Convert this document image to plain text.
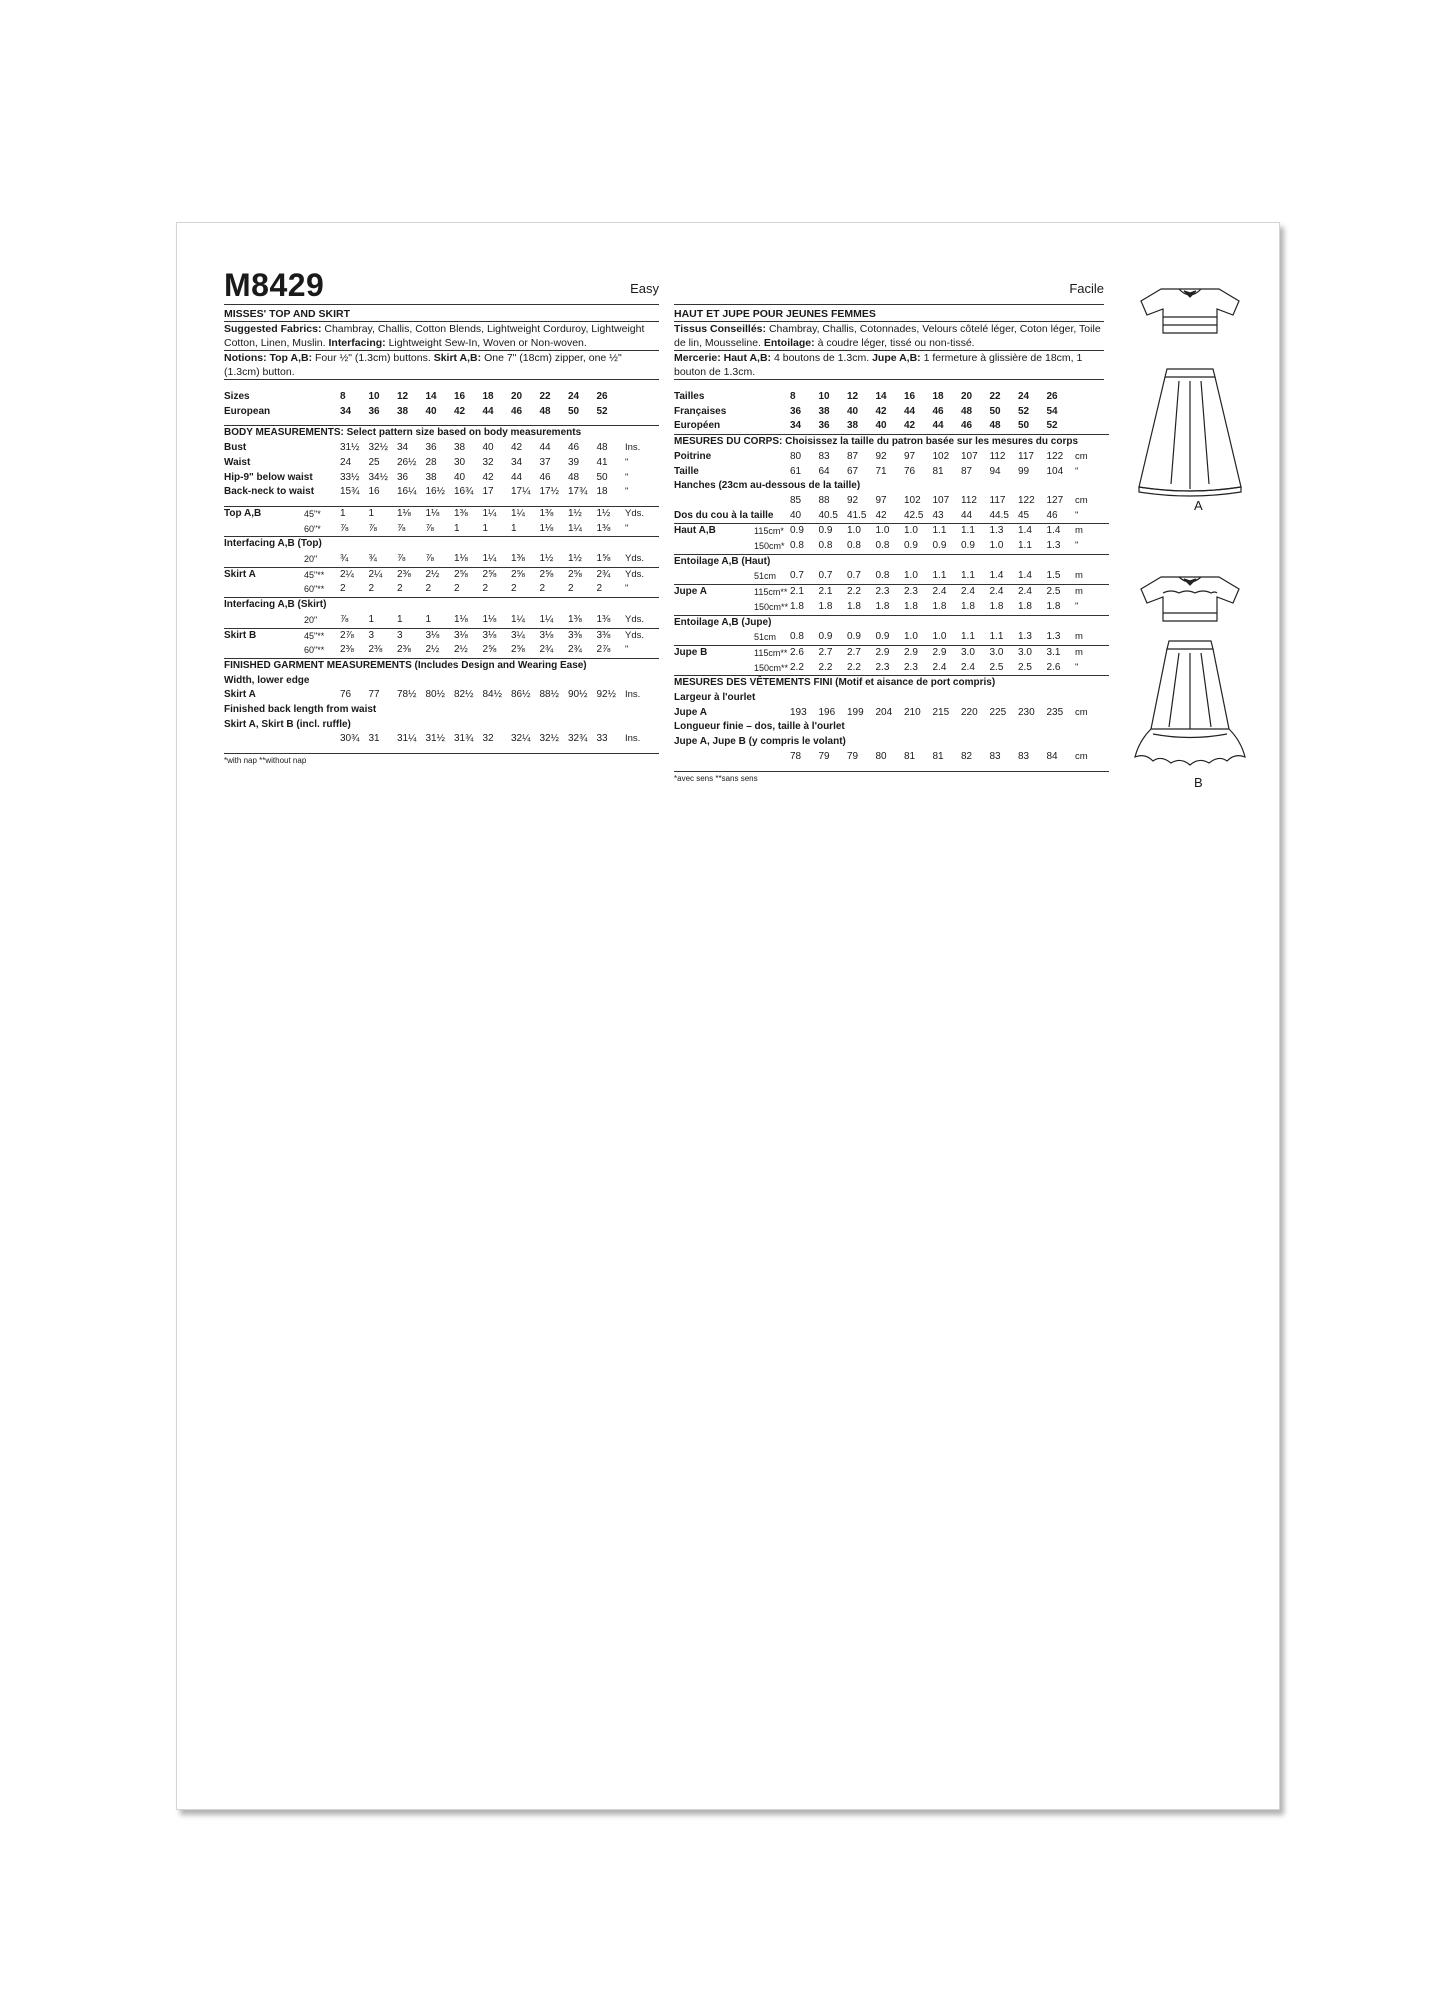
M8429	Easy
MISSES' TOP AND SKIRT
Suggested Fabrics: Chambray, Challis, Cotton Blends, Lightweight Corduroy, Lightweight Cotton, Linen, Muslin. Interfacing: Lightweight Sew-In, Woven or Non-woven.
Notions: Top A,B: Four ½" (1.3cm) buttons. Skirt A,B: One 7" (18cm) zipper, one ½" (1.3cm) button.
Sizes		8	10	12	14	16	18	20	22	24	26	
European		34	36	38	40	42	44	46	48	50	52	

BODY MEASUREMENTS: Select pattern size based on body measurements												
Bust		31½	32½	34	36	38	40	42	44	46	48	Ins.
Waist		24	25	26½	28	30	32	34	37	39	41	"
Hip-9" below waist		33½	34½	36	38	40	42	44	46	48	50	"
Back-neck to waist		15¾	16	16¼	16½	16¾	17	17¼	17½	17¾	18	"

Top A,B	45"*	1	1	1⅛	1⅛	1⅜	1¼	1¼	1⅜	1½	1½	Yds.
	60"*	⅞	⅞	⅞	⅞	1	1	1	1⅛	1¼	1⅜	"
Interfacing A,B (Top)												
	20"	¾	¾	⅞	⅞	1⅛	1¼	1⅜	1½	1½	1⅝	Yds.
Skirt A	45"**	2¼	2¼	2⅜	2½	2⅝	2⅝	2⅝	2⅝	2⅝	2¾	Yds.
	60"**	2	2	2	2	2	2	2	2	2	2	"
Interfacing A,B (Skirt)												
	20"	⅞	1	1	1	1⅛	1⅛	1¼	1¼	1⅜	1⅜	Yds.
Skirt B	45"**	2⅞	3	3	3⅛	3⅛	3⅛	3¼	3⅛	3⅜	3⅜	Yds.
	60"**	2⅜	2⅜	2⅜	2½	2½	2⅝	2⅝	2¾	2¾	2⅞	"
FINISHED GARMENT MEASUREMENTS (Includes Design and Wearing Ease)												
Width, lower edge												
Skirt A		76	77	78½	80½	82½	84½	86½	88½	90½	92½	Ins.
Finished back length from waist												
Skirt A, Skirt B (incl. ruffle)												
		30¾	31	31¼	31½	31¾	32	32¼	32½	32¾	33	Ins.

*with nap **without nap												
Facile
HAUT ET JUPE POUR JEUNES FEMMES
Tissus Conseillés: Chambray, Challis, Cotonnades, Velours côtelé léger, Coton léger, Toile de lin, Mousseline. Entoilage: à coudre léger, tissé ou non-tissé.
Mercerie: Haut A,B: 4 boutons de 1.3cm. Jupe A,B: 1 fermeture à glissière de 18cm, 1 bouton de 1.3cm.
Tailles		8	10	12	14	16	18	20	22	24	26	
Françaises		36	38	40	42	44	46	48	50	52	54	
Européen		34	36	38	40	42	44	46	48	50	52	
MESURES DU CORPS: Choisissez la taille du patron basée sur les mesures du corps												
Poitrine		80	83	87	92	97	102	107	112	117	122	cm
Taille		61	64	67	71	76	81	87	94	99	104	"
Hanches (23cm au-dessous de la taille)												
		85	88	92	97	102	107	112	117	122	127	cm
Dos du cou à la taille		40	40.5	41.5	42	42.5	43	44	44.5	45	46	"
Haut A,B	115cm*	0.9	0.9	1.0	1.0	1.0	1.1	1.1	1.3	1.4	1.4	m
	150cm*	0.8	0.8	0.8	0.8	0.9	0.9	0.9	1.0	1.1	1.3	"
Entoilage A,B (Haut)												
	51cm	0.7	0.7	0.7	0.8	1.0	1.1	1.1	1.4	1.4	1.5	m
Jupe A	115cm**	2.1	2.1	2.2	2.3	2.3	2.4	2.4	2.4	2.4	2.5	m
	150cm**	1.8	1.8	1.8	1.8	1.8	1.8	1.8	1.8	1.8	1.8	"
Entoilage A,B (Jupe)												
	51cm	0.8	0.9	0.9	0.9	1.0	1.0	1.1	1.1	1.3	1.3	m
Jupe B	115cm**	2.6	2.7	2.7	2.9	2.9	2.9	3.0	3.0	3.0	3.1	m
	150cm**	2.2	2.2	2.2	2.3	2.3	2.4	2.4	2.5	2.5	2.6	"
MESURES DES VÊTEMENTS FINI (Motif et aisance de port compris)												
Largeur à l'ourlet												
Jupe A		193	196	199	204	210	215	220	225	230	235	cm
Longueur finie – dos, taille à l'ourlet												
Jupe A, Jupe B (y compris le volant)												
		78	79	79	80	81	81	82	83	83	84	cm

*avec sens **sans sens												
A
B
